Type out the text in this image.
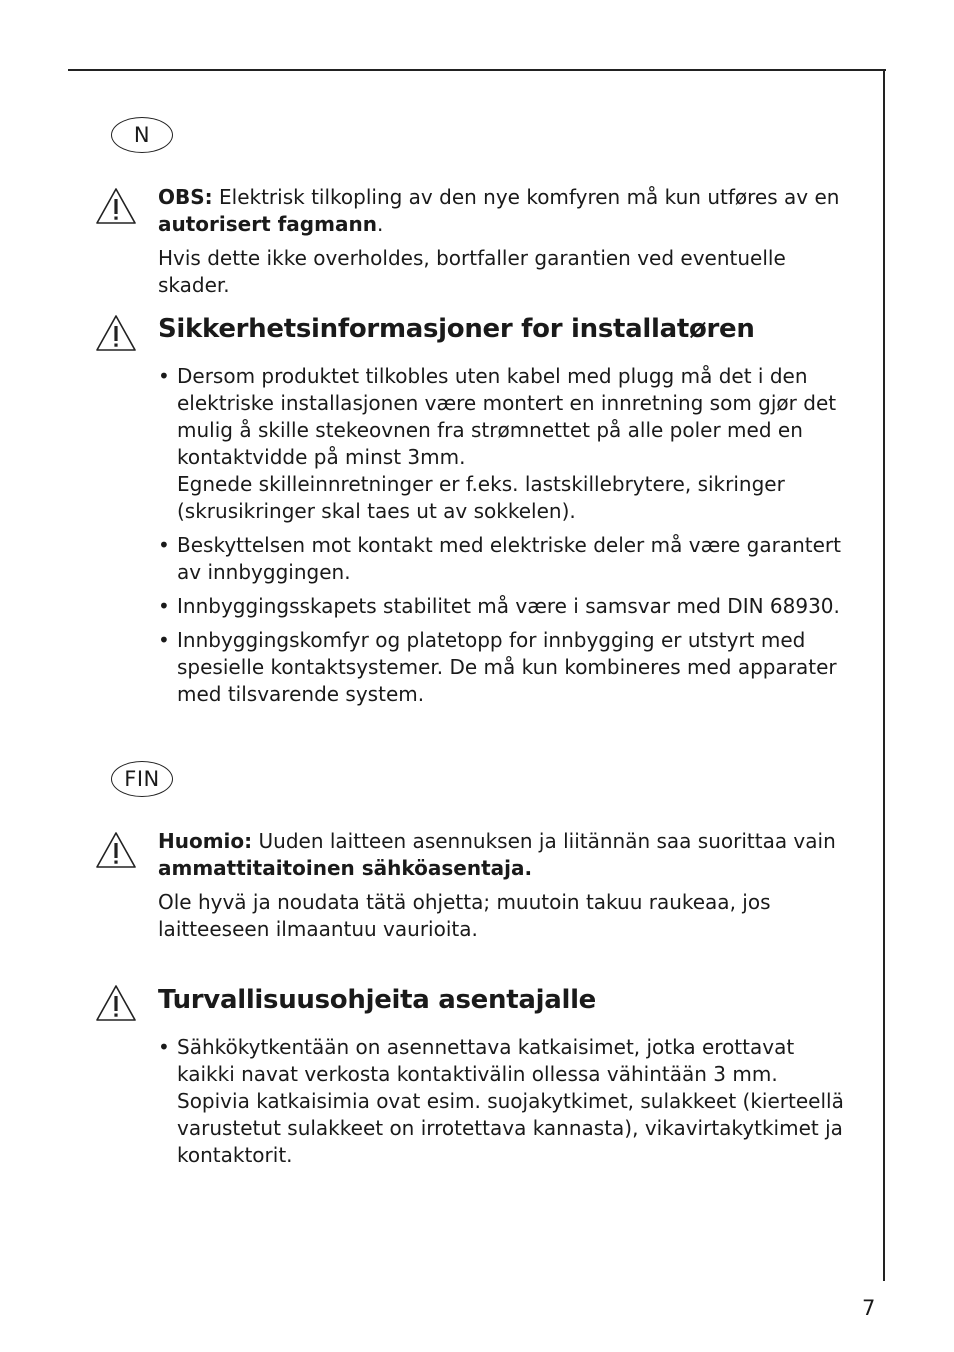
N

OBS: Elektrisk tilkopling av den nye komfyren må kun utføres av en autorisert fagmann.

Hvis dette ikke overholdes, bortfaller garantien ved eventuelle skader.

Sikkerhetsinformasjoner for installatøren
• Dersom produktet tilkobles uten kabel med plugg må det i den elektriske installasjonen være montert en innretning som gjør det mulig å skille stekeovnen fra strømnettet på alle poler med en kontaktvidde på minst 3mm.
Egnede skilleinnretninger er f.eks. lastskillebrytere, sikringer (skrusikringer skal taes ut av sokkelen).
• Beskyttelsen mot kontakt med elektriske deler må være garantert av innbyggingen.
• Innbyggingsskapets stabilitet må være i samsvar med DIN 68930.
• Innbyggingskomfyr og platetopp for innbygging er utstyrt med spesielle kontaktsystemer. De må kun kombineres med apparater med tilsvarende system.
FIN

Huomio: Uuden laitteen asennuksen ja liitännän saa suorittaa vain ammattitaitoinen sähköasentaja.

Ole hyvä ja noudata tätä ohjetta; muutoin takuu raukeaa, jos laitteeseen ilmaantuu vaurioita.

Turvallisuusohjeita asentajalle
• Sähkökytkentään on asennettava katkaisimet, jotka erottavat kaikki navat verkosta kontaktivälin ollessa vähintään 3 mm.
Sopivia katkaisimia ovat esim. suojakytkimet, sulakkeet (kierteellä varustetut sulakkeet on irrotettava kannasta), vikavirtakytkimet ja kontaktorit.
7
